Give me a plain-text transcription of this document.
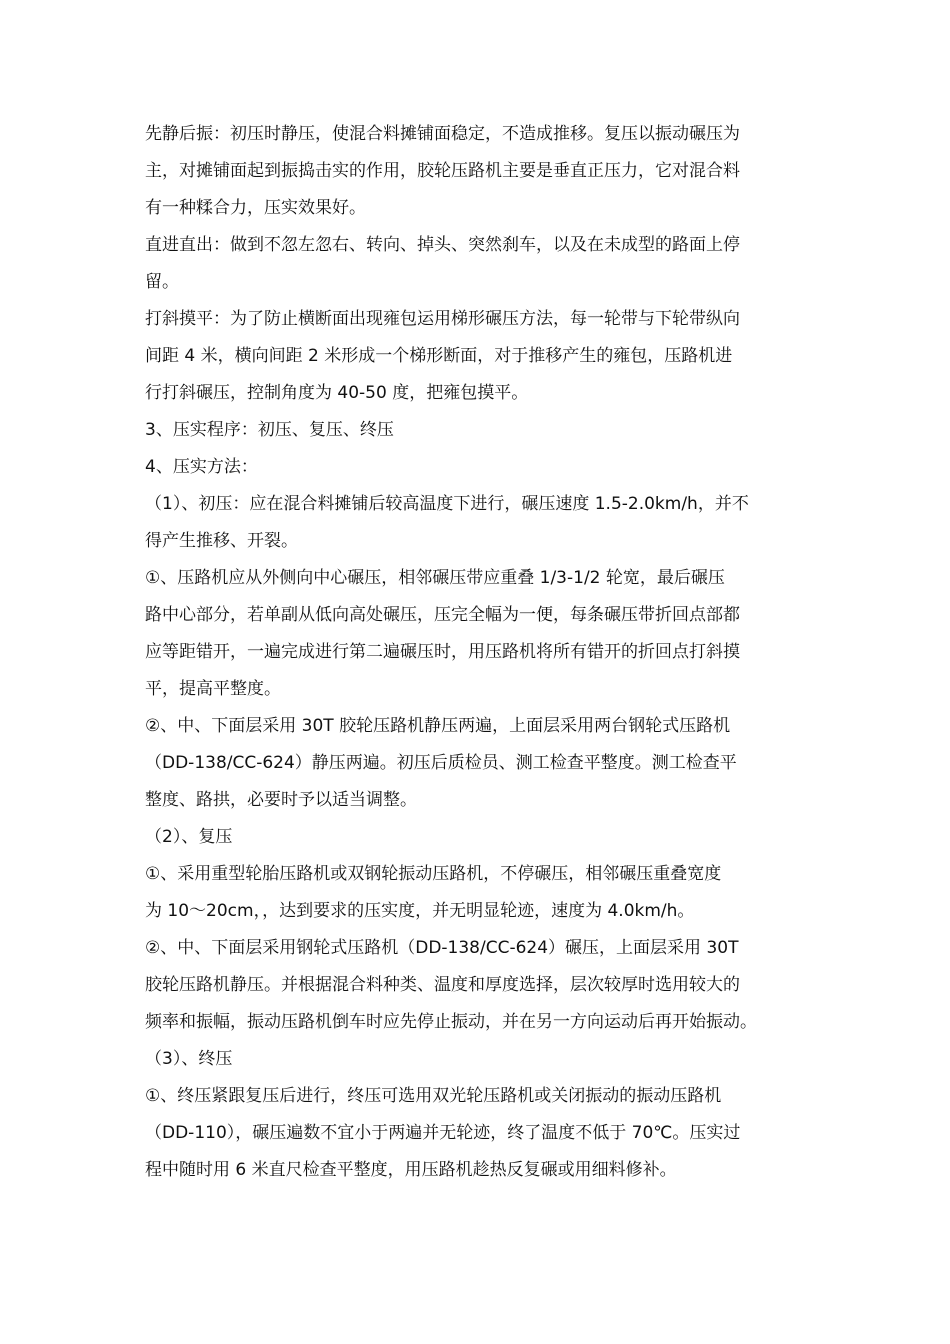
先静后振：初压时静压，使混合料摊铺面稳定，不造成推移。复压以振动碾压为
主，对摊铺面起到振捣击实的作用，胶轮压路机主要是垂直正压力，它对混合料
有一种糅合力，压实效果好。
直进直出：做到不忽左忽右、转向、掉头、突然刹车，以及在未成型的路面上停
留。
打斜摸平：为了防止横断面出现雍包运用梯形碾压方法，每一轮带与下轮带纵向
间距 4 米，横向间距 2 米形成一个梯形断面，对于推移产生的雍包，压路机进
行打斜碾压，控制角度为 40-50 度，把雍包摸平。
3、压实程序：初压、复压、终压
4、压实方法：
（1）、初压：应在混合料摊铺后较高温度下进行，碾压速度 1.5-2.0km/h，并不
得产生推移、开裂。
①、压路机应从外侧向中心碾压，相邻碾压带应重叠 1/3-1/2 轮宽，最后碾压
路中心部分，若单副从低向高处碾压，压完全幅为一便，每条碾压带折回点部都
应等距错开，一遍完成进行第二遍碾压时，用压路机将所有错开的折回点打斜摸
平，提高平整度。
②、中、下面层采用 30T 胶轮压路机静压两遍，上面层采用两台钢轮式压路机
（DD-138/CC-624）静压两遍。初压后质检员、测工检查平整度。测工检查平
整度、路拱，必要时予以适当调整。
（2）、复压
①、采用重型轮胎压路机或双钢轮振动压路机，不停碾压，相邻碾压重叠宽度
为 10～20cm，，达到要求的压实度，并无明显轮迹，速度为 4.0km/h。
②、中、下面层采用钢轮式压路机（DD-138/CC-624）碾压，上面层采用 30T
胶轮压路机静压。并根据混合料种类、温度和厚度选择，层次较厚时选用较大的
频率和振幅，振动压路机倒车时应先停止振动，并在另一方向运动后再开始振动。
（3）、终压
①、终压紧跟复压后进行，终压可选用双光轮压路机或关闭振动的振动压路机
（DD-110），碾压遍数不宜小于两遍并无轮迹，终了温度不低于 70℃。压实过
程中随时用 6 米直尺检查平整度，用压路机趁热反复碾或用细料修补。
